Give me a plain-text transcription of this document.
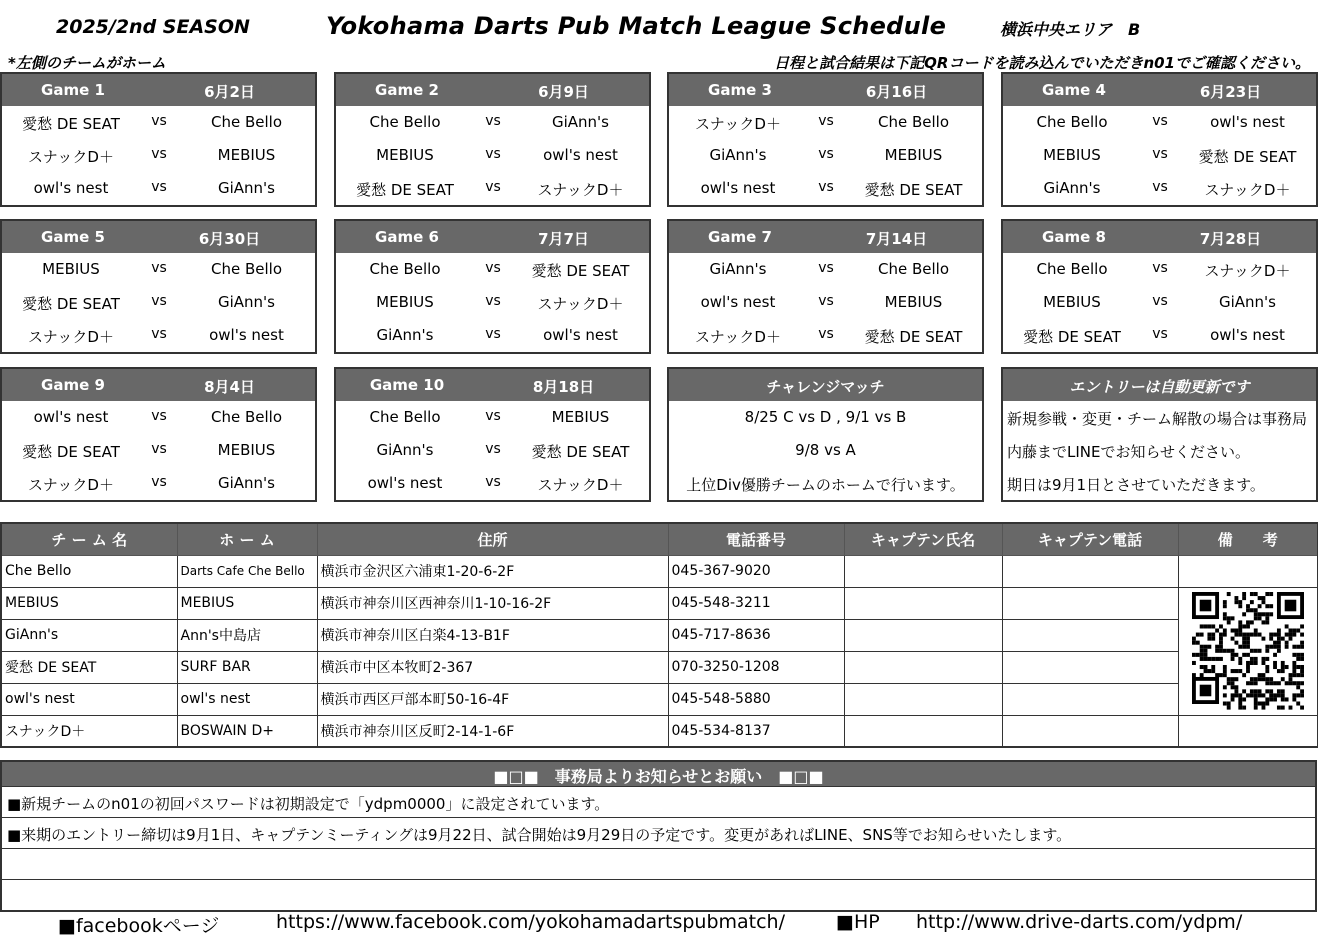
2025/2nd SEASON	Yokohama Darts Pub Match League Schedule	横浜中央エリア　B
*左側のチームがホーム	日程と試合結果は下記QRコードを読み込んでいただきn01でご確認ください。
Game 1	6月2日
愛愁 DE SEAT	vs	Che Bello
スナックD＋	vs	MEBIUS
owl's nest	vs	GiAnn's
Game 2	6月9日
Che Bello	vs	GiAnn's
MEBIUS	vs	owl's nest
愛愁 DE SEAT	vs	スナックD＋
Game 3	6月16日
スナックD＋	vs	Che Bello
GiAnn's	vs	MEBIUS
owl's nest	vs	愛愁 DE SEAT
Game 4	6月23日
Che Bello	vs	owl's nest
MEBIUS	vs	愛愁 DE SEAT
GiAnn's	vs	スナックD＋
Game 5	6月30日
MEBIUS	vs	Che Bello
愛愁 DE SEAT	vs	GiAnn's
スナックD＋	vs	owl's nest
Game 6	7月7日
Che Bello	vs	愛愁 DE SEAT
MEBIUS	vs	スナックD＋
GiAnn's	vs	owl's nest
Game 7	7月14日
GiAnn's	vs	Che Bello
owl's nest	vs	MEBIUS
スナックD＋	vs	愛愁 DE SEAT
Game 8	7月28日
Che Bello	vs	スナックD＋
MEBIUS	vs	GiAnn's
愛愁 DE SEAT	vs	owl's nest
Game 9	8月4日
owl's nest	vs	Che Bello
愛愁 DE SEAT	vs	MEBIUS
スナックD＋	vs	GiAnn's
Game 10	8月18日
Che Bello	vs	MEBIUS
GiAnn's	vs	愛愁 DE SEAT
owl's nest	vs	スナックD＋
チャレンジマッチ
8/25 C vs D , 9/1 vs B
9/8 vs A
上位Div優勝チームのホームで行います。
エントリーは自動更新です
新規参戦・変更・チーム解散の場合は事務局
内藤までLINEでお知らせください。
期日は9月1日とさせていただきます。
チ ー ム 名	ホ ー ム	住所	電話番号	キャプテン氏名	キャプテン電話	備　　考
Che Bello	Darts Cafe Che Bello	横浜市金沢区六浦東1-20-6-2F	045-367-9020			
MEBIUS	MEBIUS	横浜市神奈川区西神奈川1-10-16-2F	045-548-3211			

GiAnn's	Ann's中島店	横浜市神奈川区白楽4-13-B1F	045-717-8636			
愛愁 DE SEAT	SURF BAR	横浜市中区本牧町2-367	070-3250-1208			
owl's nest	owl's nest	横浜市西区戸部本町50-16-4F	045-548-5880			
スナックD＋	BOSWAIN D+	横浜市神奈川区反町2-14-1-6F	045-534-8137			
■□■　事務局よりお知らせとお願い　■□■
■新規チームのn01の初回パスワードは初期設定で「ydpm0000」に設定されています。
■来期のエントリー締切は9月1日、キャプテンミーティングは9月22日、試合開始は9月29日の予定です。変更があればLINE、SNS等でお知らせいたします。
■facebookページ	https://www.facebook.com/yokohamadartspubmatch/	■HP http://www.drive-darts.com/ydpm/
